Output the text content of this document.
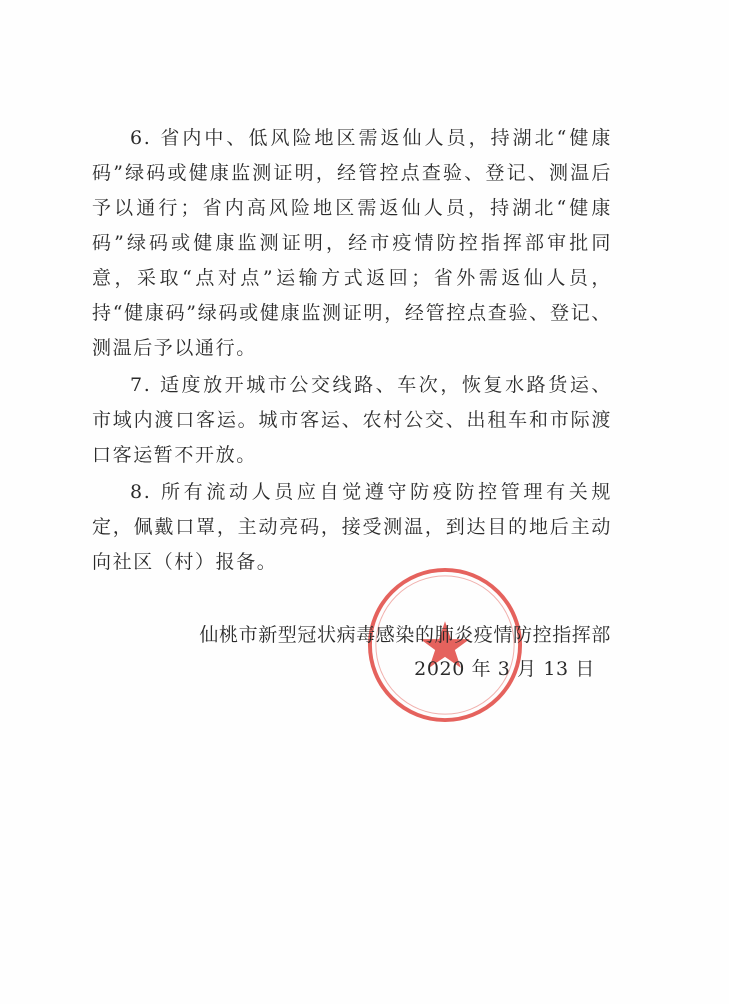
6. 省内中、低风险地区需返仙人员，持湖北“健康码”绿码或健康监测证明，经管控点查验、登记、测温后予以通行；省内高风险地区需返仙人员，持湖北“健康码”绿码或健康监测证明，经市疫情防控指挥部审批同意，采取“点对点”运输方式返回；省外需返仙人员，持“健康码”绿码或健康监测证明，经管控点查验、登记、测温后予以通行。

7. 适度放开城市公交线路、车次，恢复水路货运、市域内渡口客运。城市客运、农村公交、出租车和市际渡口客运暂不开放。

8. 所有流动人员应自觉遵守防疫防控管理有关规定，佩戴口罩，主动亮码，接受测温，到达目的地后主动向社区（村）报备。

仙桃市新型冠状病毒感染的肺炎疫情防控指挥部
2020 年 3 月 13 日
